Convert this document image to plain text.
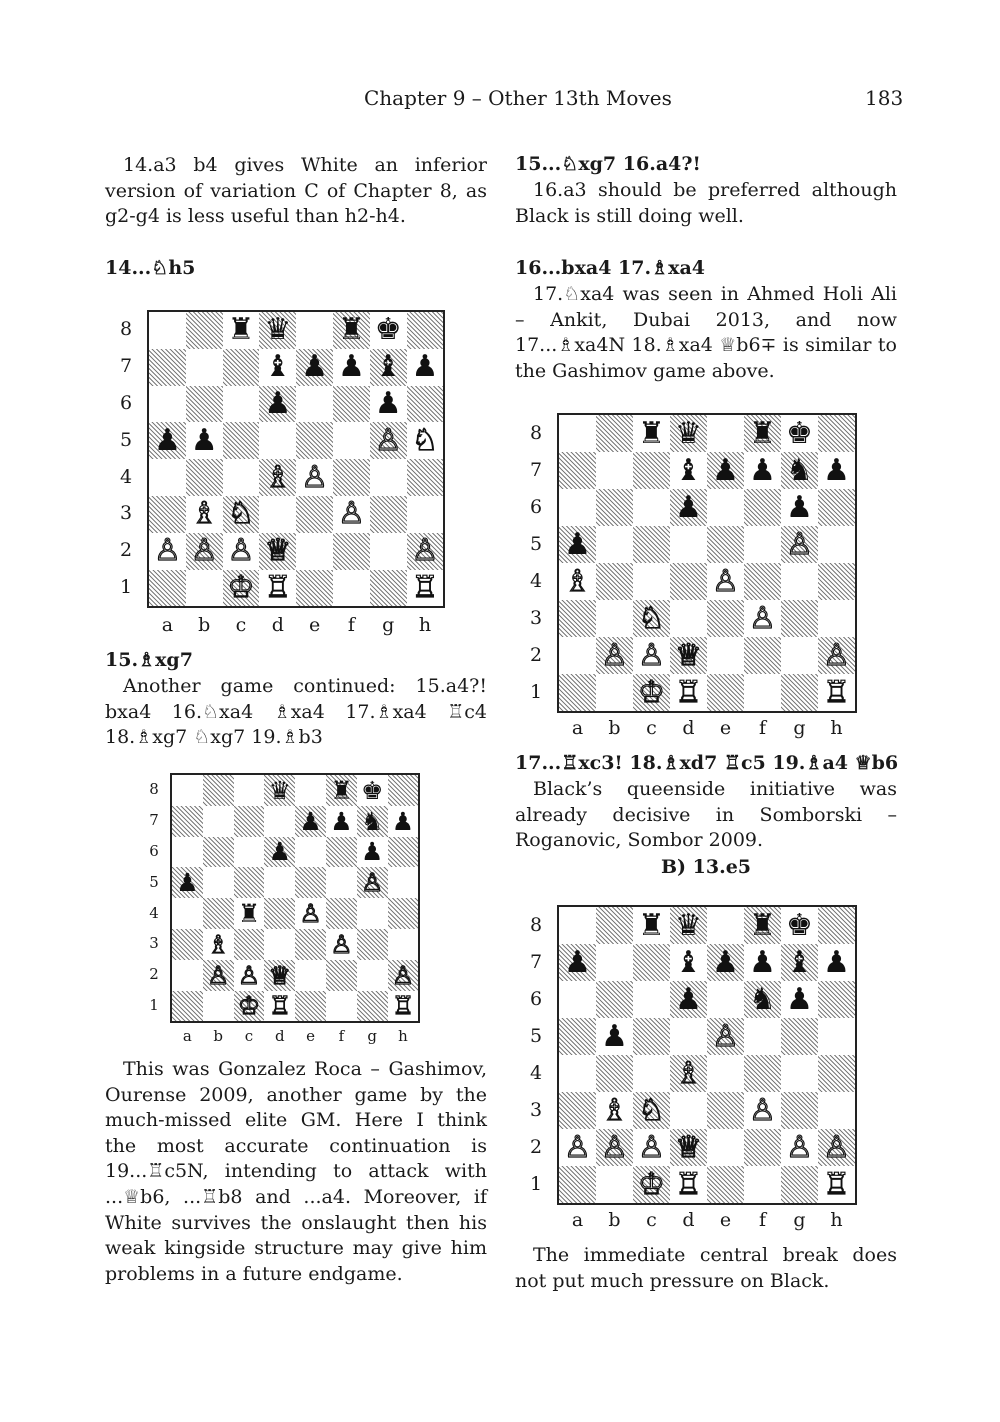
Chapter 9 – Other 13th Moves	183
14.a3 b4 gives White an inferior version of variation C of Chapter 8, as g2-g4 is less useful than h2-h4.
14...♘h5
♜ ♛ ♜ ♚
♝ ♟ ♟ ♝ ♟
♟	♟
♟ ♟	♙ ♘
♗ ♙
♗ ♘	♙
♙ ♙ ♙ ♕	♙
♔ ♖	♖
8
7
6
5
4
3
2
1
a	b	c	d	e	f	g	h
15.♗xg7
Another game continued: 15.a4?! bxa4 16.♘xa4 ♗xa4 17.♗xa4 ♖c4 18.♗xg7 ♘xg7 19.♗b3
♛ ♜ ♚
♟ ♟ ♞ ♟
♟	♟
♟	♙
♜ ♙
♗	♙
♙ ♙ ♕	♙
♔ ♖	♖
8
7
6
5
4
3
2
1
a	b	c	d	e	f	g	h
This was Gonzalez Roca – Gashimov, Ourense 2009, another game by the much-missed elite GM. Here I think the most accurate continuation is 19...♖c5N, intending to attack with ...♕b6, ...♖b8 and ...a4. Moreover, if White survives the onslaught then his weak kingside structure may give him problems in a future endgame.
15...♘xg7 16.a4?!
16.a3 should be preferred although Black is still doing well.
16...bxa4 17.♗xa4
17.♘xa4 was seen in Ahmed Holi Ali – Ankit, Dubai 2013, and now 17...♗xa4N 18.♗xa4 ♕b6∓ is similar to the Gashimov game above.
♜ ♛ ♜ ♚
♝ ♟ ♟ ♞ ♟
♟	♟
♟	♙
♗	♙
♘	♙
♙ ♙ ♕	♙
♔ ♖	♖
8
7
6
5
4
3
2
1
a	b	c	d	e	f	g	h
17...♖xc3! 18.♗xd7 ♖c5 19.♗a4 ♕b6
Black’s queenside initiative was already decisive in Somborski – Roganovic, Sombor 2009.
B) 13.e5
♜ ♛ ♜ ♚
♟	♝ ♟ ♟ ♝ ♟
♟ ♞ ♟
♟	♙
♗
♗ ♘	♙
♙ ♙ ♙ ♕	♙ ♙
♔ ♖	♖
8
7
6
5
4
3
2
1
a	b	c	d	e	f	g	h
The immediate central break does not put much pressure on Black.
